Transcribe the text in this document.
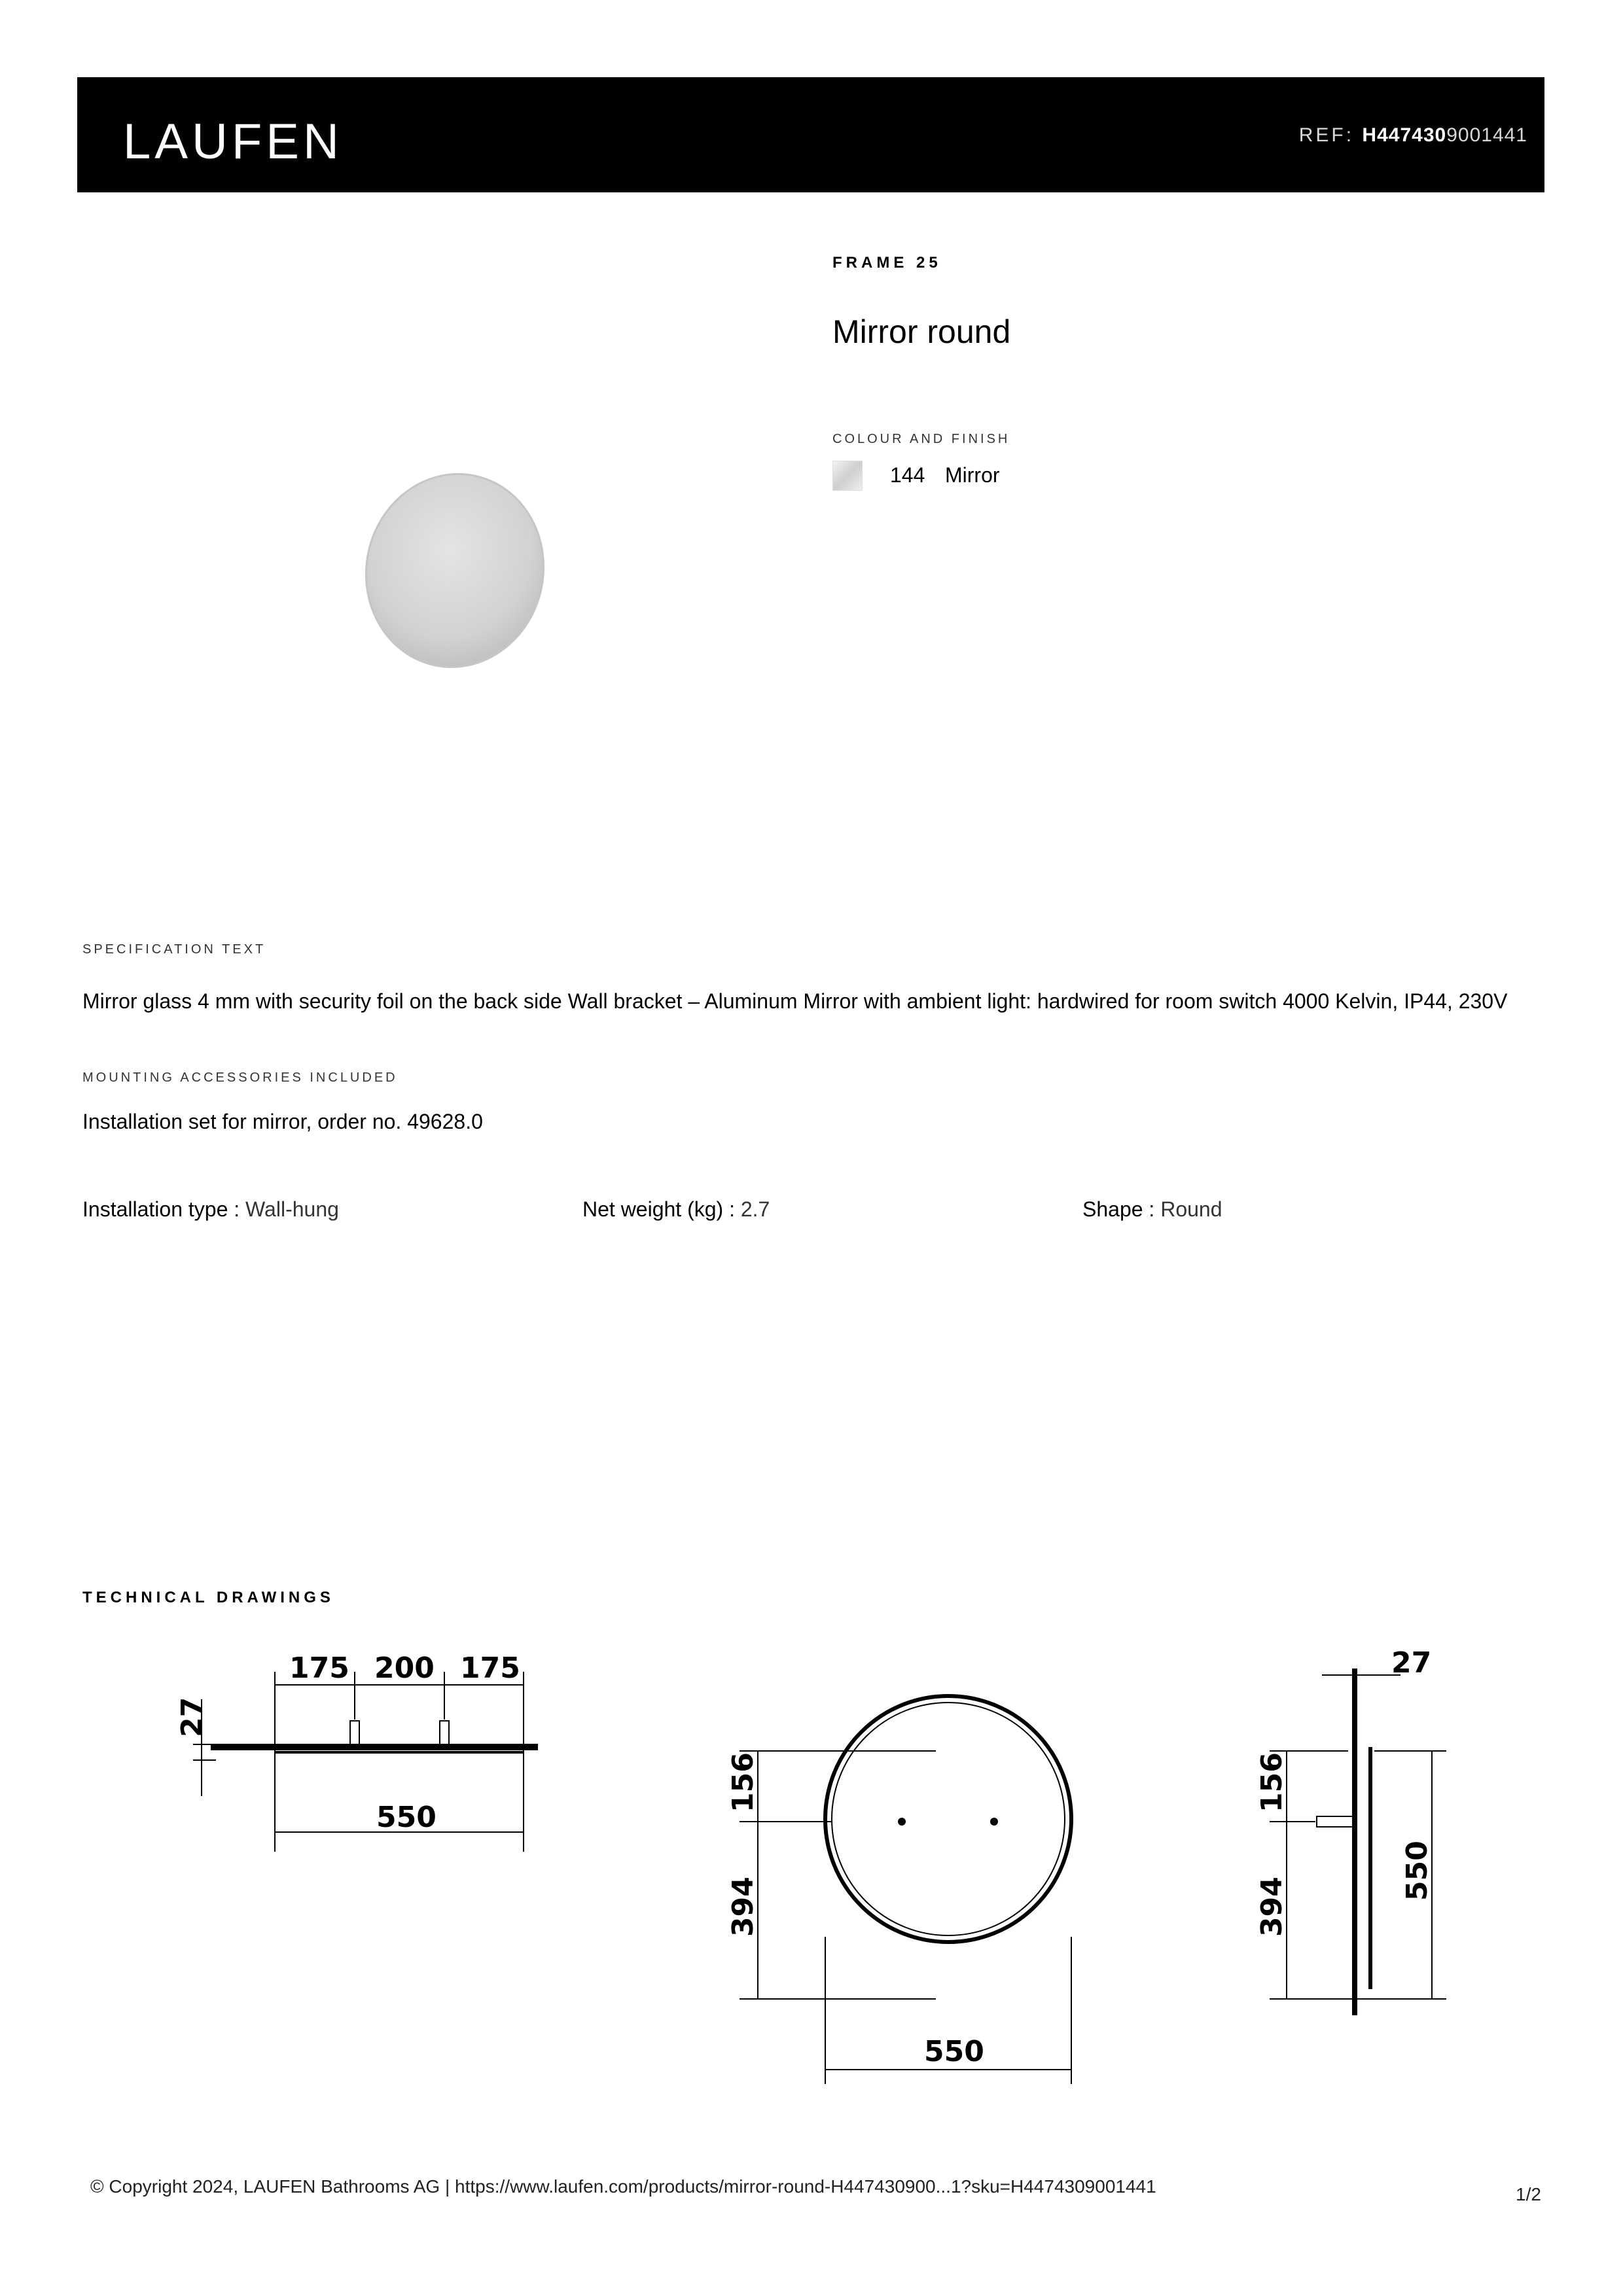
LAUFEN	REF: H4474309001441
FRAME 25
Mirror round
COLOUR AND FINISH
144 Mirror
SPECIFICATION TEXT
Mirror glass 4 mm with security foil on the back side Wall bracket – Aluminum Mirror with ambient light: hardwired for room switch 4000 Kelvin, IP44, 230V
MOUNTING ACCESSORIES INCLUDED
Installation set for mirror, order no. 49628.0
Installation type : Wall-hung	Net weight (kg) : 2.7	Shape : Round
TECHNICAL DRAWINGS
175 200 175
550
27
550
156
394
27
156
394
550
© Copyright 2024, LAUFEN Bathrooms AG | https://www.laufen.com/products/mirror-round-H447430900...1?sku=H4474309001441	1/2
